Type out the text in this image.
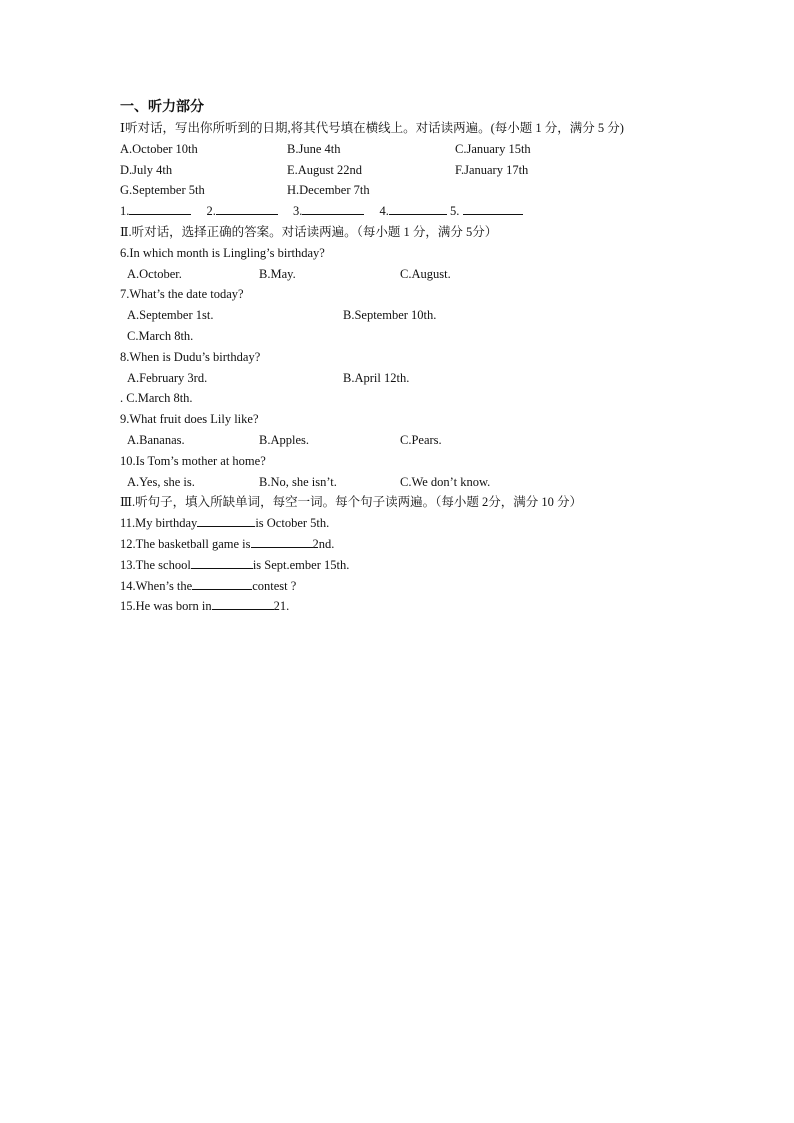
一、听力部分
Ⅰ听对话，写出你所听到的日期,将其代号填在横线上。对话读两遍。(每小题 1 分，满分 5 分)
A.October 10th	B.June 4th	C.January 15th
D.July 4th	E.August 22nd	F.January 17th
G.September 5th	H.December 7th
1.	2.	3.	4.	5.
Ⅱ.听对话，选择正确的答案。对话读两遍。（每小题 1 分，满分 5分）
6.In which month is Lingling’s birthday?
A.October.	B.May.	C.August.
7.What’s the date today?
A.September 1st.	B.September 10th.
C.March 8th.
8.When is Dudu’s birthday?
A.February 3rd.	B.April 12th.
. C.March 8th.
9.What fruit does Lily like?
A.Bananas.	B.Apples.	C.Pears.
10.Is Tom’s mother at home?
A.Yes, she is.	B.No, she isn’t.	C.We don’t know.
Ⅲ.听句子，填入所缺单词，每空一词。每个句子读两遍。（每小题 2分，满分 10 分）
11.My birthday	is October 5th.
12.The basketball game is	2nd.
13.The school	is Sept.ember 15th.
14.When’s the	contest ?
15.He was born in	21.
